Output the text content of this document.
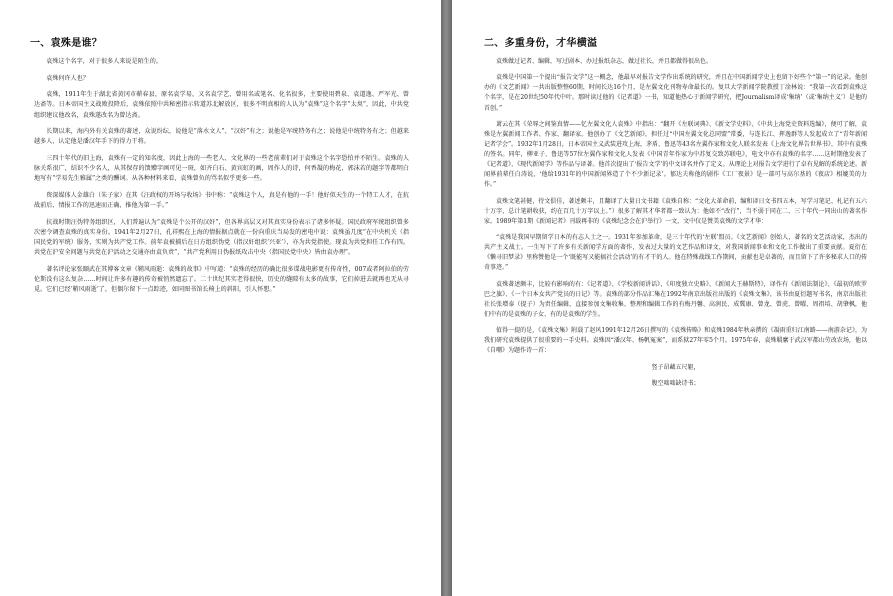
一、袁殊是谁？

袁殊这个名字，对于很多人来说是陌生的。

袁殊何许人也？

袁殊，1911年生于湖北省黄冈市蕲春县，原名袁学易，又名袁学艺，曾用名或笔名、化名很多，主要使用碧泉、袁道逸、严军光、曾达斋等。日本帝国主义战败投降后，袁殊依照中共秘密指示转道苏北解放区，很多不明真相的人认为“袁殊”这个名字“太臭”，因此，中共党组织建议他改名，袁殊遂改名为曾达斋。

长期以来，海内外有关袁殊的著述，众说纷纭，说他是“落水文人”、“汉奸”有之；说他是军统特务有之；说他是中统特务有之；但越来越多人，认定他是潘汉年手下的得力干将。

三四十年代的旧上海，袁殊有一定的知名度，因此上海的一些老人、文化界的一些老前辈们对于袁殊这个名字恐怕并不陌生。袁殊的人脉关系很广，结识不少名人，从其保存的馈赠字画可见一斑，如齐白石、黄宾虹的画，周作人的诗，何香凝的梅花，郭沫若的题字等都明白地写有“学易先生雅属”之类的酬词。从各种材料来看，袁殊曾负的骂名似乎更多一些。

资深媒体人金雄白（朱子家）在其《汪政权的开场与收场》书中称：“袁殊这个人，真是有他的一手！他好似天生的一个特工人才，在抗战前后，情报工作的迅速而正确，推他为第一手。”

抗战时期汪伪特务组织区，人们普遍认为“袁殊是个公开的汉奸”，但各界高层又对其真实身份表示了诸多怀疑。国民政府军统组织曾多次密令调查袁殊的真实身份。1941年2月27日，孔祥熙在上海的情报据点就在一份向重庆当局发的密电中说：袁殊虽几度“在中央机关（指国民党的军统）服务，实则为共产党工作。前年袁被捕后在日方组织伪党（指汉奸组织‘兴亚’），亦为共党指使。现袁为共党担任工作有四。共党在沪安全问题与共党在沪活动之交通亦由袁负责”，“共产党利用日伪报纸攻击中央（指国民党中央）皆由袁办理”。

著名评论家张颐武在其博客文章《鞘风雨逝：袁殊的故事》中写道：“袁殊的经历的确比很多谍战电影更有传奇性，007或者阿拉伯的劳伦斯没有这么复杂……时间让许多有趣的传奇被悄然遗忘了。二十世纪其实老得很快，历史的缝隙有太多的故事，它们掉进去就再也无从寻觅。它们已经‘鞘风雨逝’了，但偶尔留下一点踪迹，如同图书馆长椅上的斜阳，引人怀想。”

二、多重身份，才华横溢

袁殊做过记者、编辑，写过剧本、办过报纸杂志，做过社长，并且都做得很出色。

袁殊是中国第一个提出“报告文学”这一概念，他最早对报告文学作出系统的研究，并且在中国新闻学史上也留下好些个“第一”的记录。他创办的《文艺新闻》一共出版整整60期，时间长达16个月，是左翼文化刊物寿命最长的。复旦大学新闻学院教授丁淦林说：“我第一次看到袁殊这个名字，是在20世纪50年代中叶。那时读过他的《记者道》一书，知道他热心于新闻学研究，把Journalism译成‘集纳’（或‘集纳主义’）是他的首创。”

萧云在其《荣辱之间鉴真情——忆左翼文化人袁殊》中指出：“翻开《左联词典》、《新文学史料》、《中共上海党史资料选编》，便可了解，袁殊是左翼新闻工作者、作家、翻译家。他创办了《文艺新闻》，担任过“中国左翼文化总同盟”常委，与连长江、挥逸群等人发起成立了“青年新闻记者学会”。1932年1月28日，日本帝国主义武装进攻上海，茅盾、鲁迅等43名左翼作家和文化人联名发表《上海文化界告世界书》，其中有袁殊的签名。同年，柳亚子、鲁迅等57位左翼作家和文化人发表《中国青年作家为中苏复交致苏联电》，电文中亦有袁殊的名字……这时期他发表了《记者道》、《现代新闻学》等作品与译著。他首次提出了‘报告文学’的中文译名并作了定义。从理论上对报告文学进行了卓有见解的系统论述。新闻界前辈任白涛说，‘他给1931年的中国新闻界造了个不少新记录’。郁达夫称他的剧作《工厂夜景》是一部可与高尔基的《夜店》相媲美的力作。”

袁殊文笔甚健，待文俱佳，著述颇丰，且翻译了大量日文书籍《袁殊自称：“文化大革命前，编和译日文书四五本，写学习笔记、札记有五六十万字，总计笔耕收获，约在百几十万字以上。”）很多了解其才华者都一致认为：他如不“改行”，当不弱于同在二、三十年代一同出山的著名作家。1989年第1期《新闻记者》刊载再非的《袁殊纪念会在沪举行》一文，文中仅是赞美袁殊的文学才华：

“袁殊是我国早期留学日本的有志人士之一。1931年参加革命，是三十年代的‘左联’盟员。《文艺新闻》创始人，著名的文艺活动家，杰出的共产主义战士。一生写下了许多有关新闻学方面的著作，发表过大量的文艺作品和译文，对我国新闻事业和文化工作做出了重要贡献。夏衍在《懒寻旧梦录》里称赞他是一个‘既能写又能搞社会活动’的有才干的人。他在特殊战线工作期间，贡献也是卓著的，而且留下了许多秘求人口的传奇事迹。”

袁殊著述颇丰，比较有影响的有：《记者道》、《学校新闻讲话》、《印度独立史略》、《新闻大王赫斯特》，译作有《新闻法制论》、《最初的欧罗巴之旗》、《一个日本女共产党员的日记》等。袁殊的部分作品汇集在1992年南京出版社出版的《袁殊文集》，该书由夏衍题写书名，南京出版社社长张增泰（提子）为责任编辑，直接参加文集收集、整理和编辑工作的有梅丹馨、高润民、成冀康、曾龙、曾虎、曾曜、周祖培、胡肇枫，他们中有的是袁殊的子女、有的是袁殊的学生。

值得一提的是，《袁殊文集》附载了赵风1991年12月26日撰写的《袁殊传略》和袁殊1984年秋亲撰的《凝雨重归江南路——南游杂记》，为我们研究袁殊提供了很重要的一手史料。袁殊因“潘汉年、杨帆冤案”，而系狱27年零5个月。1975年春，袁殊羁縻于武汉军都山劳改农场，他以《自嘲》为题作诗一首：

竖子昂藏五尺躯，

腹空咄咄缺诗书；
